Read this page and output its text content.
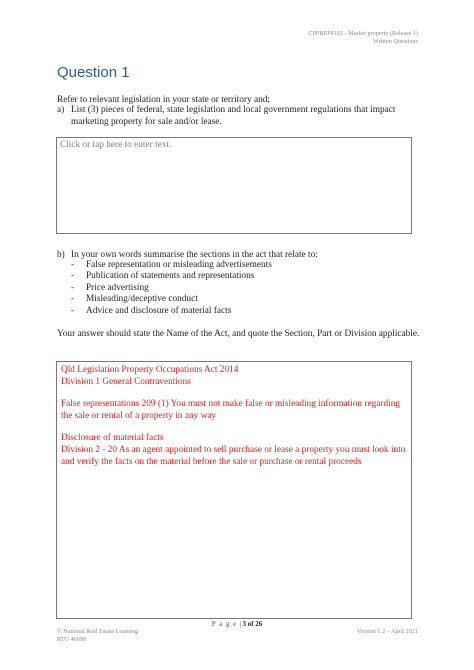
CPPREP4102 - Market property (Release 1)
Written Questions
Question 1
Refer to relevant legislation in your state or territory and;
a) List (3) pieces of federal, state legislation and local government regulations that impact marketing property for sale and/or lease.
Click or tap here to enter text.
b) In your own words summarise the sections in the act that relate to:
-	False representation or misleading advertisements
-	Publication of statements and representations
-	Price advertising
-	Misleading/deceptive conduct
-	Advice and disclosure of material facts
Your answer should state the Name of the Act, and quote the Section, Part or Division applicable.

Qld Legislation Property Occupations Act 2014

Division 1 General Contraventions

False representations 209 (1) You must not make false or misleading information regarding the sale or rental of a property in any way

Disclosure of material facts

Division 2 - 20 As an agent appointed to sell purchase or lease a property you must look into and verify the facts on the material before the sale or purchase or rental proceeds

P a g e |3 of 26
© National Real Estate Learning
RTO 40998
Version 1.2 – April 2021
